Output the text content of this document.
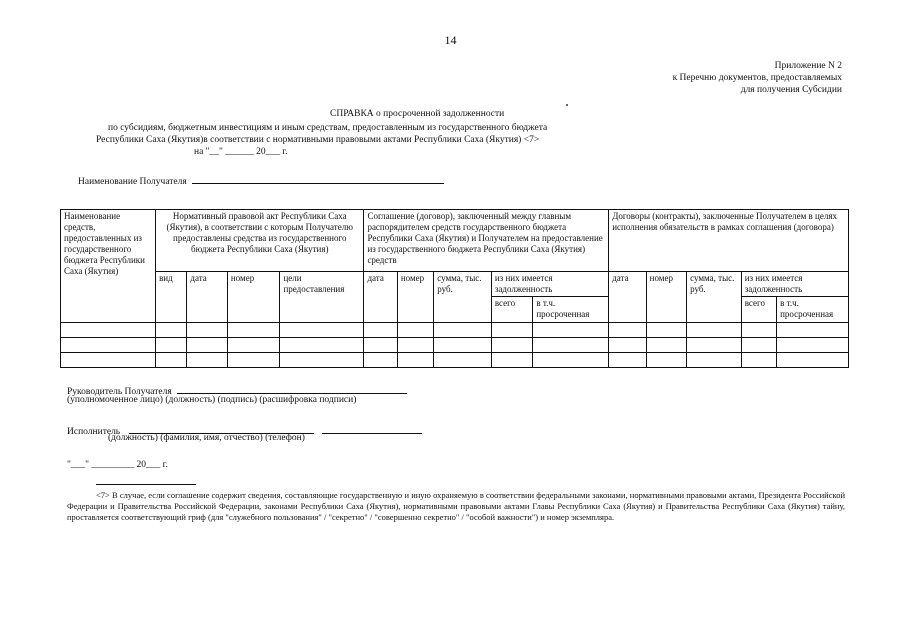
14
Приложение N 2
к Перечню документов, предоставляемых
для получения Субсидии
СПРАВКА о просроченной задолженности
по субсидиям, бюджетным инвестициям и иным средствам, предоставленным из государственного бюджета
Республики Саха (Якутия)в соответствии с нормативными правовыми актами Республики Саха (Якутия) <7>
на "__" ______ 20___ г.
Наименование Получателя
Наименование средств, предоставленных из государственного бюджета Республики Саха (Якутия)	Нормативный правовой акт Республики Саха (Якутия), в соответствии с которым Получателю предоставлены средства из государственного бюджета Республики Саха (Якутия)				Соглашение (договор), заключенный между главным распорядителем средств государственного бюджета Республики Саха (Якутия) и Получателем на предоставление из государственного бюджета Республики Саха (Якутия) средств					Договоры (контракты), заключенные Получателем в целях исполнения обязательств в рамках соглашения (договора)				
	вид	дата	номер	цели предоставления	дата	номер	сумма, тыс. руб.	из них имеется задолженность		дата	номер	сумма, тыс. руб.	из них имеется задолженность	
								всего	в т.ч. просроченная				всего	в т.ч. просроченная

Руководитель Получателя
(уполномоченное лицо) (должность) (подпись) (расшифровка подписи)
Исполнитель
(должность) (фамилия, имя, отчество) (телефон)
"___" _________ 20___ г.
<7> В случае, если соглашение содержит сведения, составляющие государственную и иную охраняемую в соответствии федеральными законами, нормативными правовыми актами, Президента Российской Федерации и Правительства Российской Федерации, законами Республики Саха (Якутия), нормативными правовыми актами Главы Республики Саха (Якутия) и Правительства Республики Саха (Якутия) тайну, проставляется соответствующий гриф (для "служебного пользования" / "секретно" / "совершенно секретно" / "особой важности") и номер экземпляра.
